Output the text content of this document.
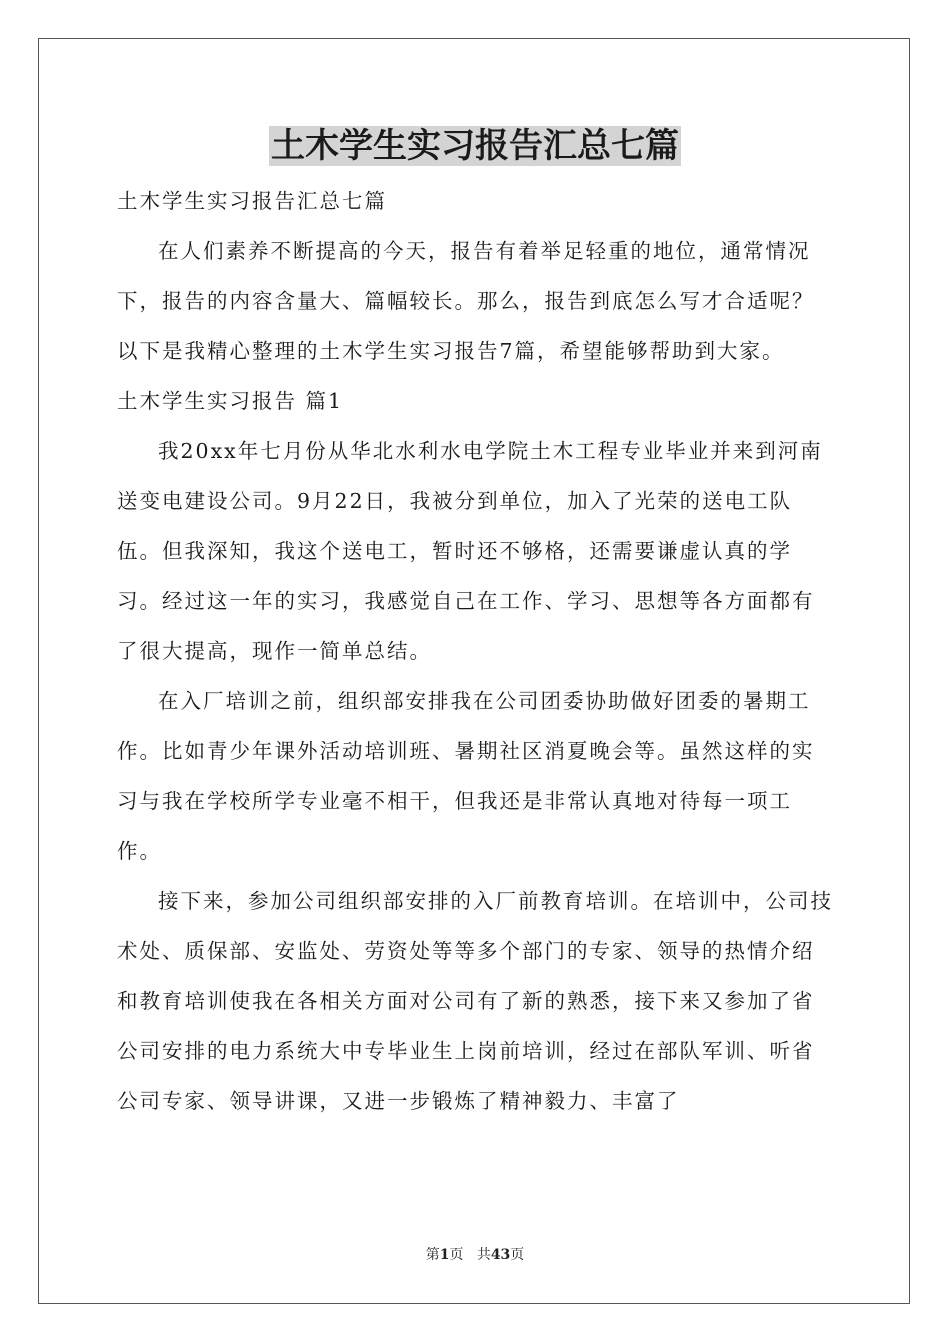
土木学生实习报告汇总七篇

土木学生实习报告汇总七篇

在人们素养不断提高的今天，报告有着举足轻重的地位，通常情况下，报告的内容含量大、篇幅较长。那么，报告到底怎么写才合适呢？以下是我精心整理的土木学生实习报告7篇，希望能够帮助到大家。

土木学生实习报告 篇1

我20xx年七月份从华北水利水电学院土木工程专业毕业并来到河南送变电建设公司。9月22日，我被分到单位，加入了光荣的送电工队伍。但我深知，我这个送电工，暂时还不够格，还需要谦虚认真的学习。经过这一年的实习，我感觉自己在工作、学习、思想等各方面都有了很大提高，现作一简单总结。

在入厂培训之前，组织部安排我在公司团委协助做好团委的暑期工作。比如青少年课外活动培训班、暑期社区消夏晚会等。虽然这样的实习与我在学校所学专业毫不相干，但我还是非常认真地对待每一项工作。

接下来，参加公司组织部安排的入厂前教育培训。在培训中，公司技术处、质保部、安监处、劳资处等等多个部门的专家、领导的热情介绍和教育培训使我在各相关方面对公司有了新的熟悉，接下来又参加了省公司安排的电力系统大中专毕业生上岗前培训，经过在部队军训、听省公司专家、领导讲课，又进一步锻炼了精神毅力、丰富了

第1页 共43页
